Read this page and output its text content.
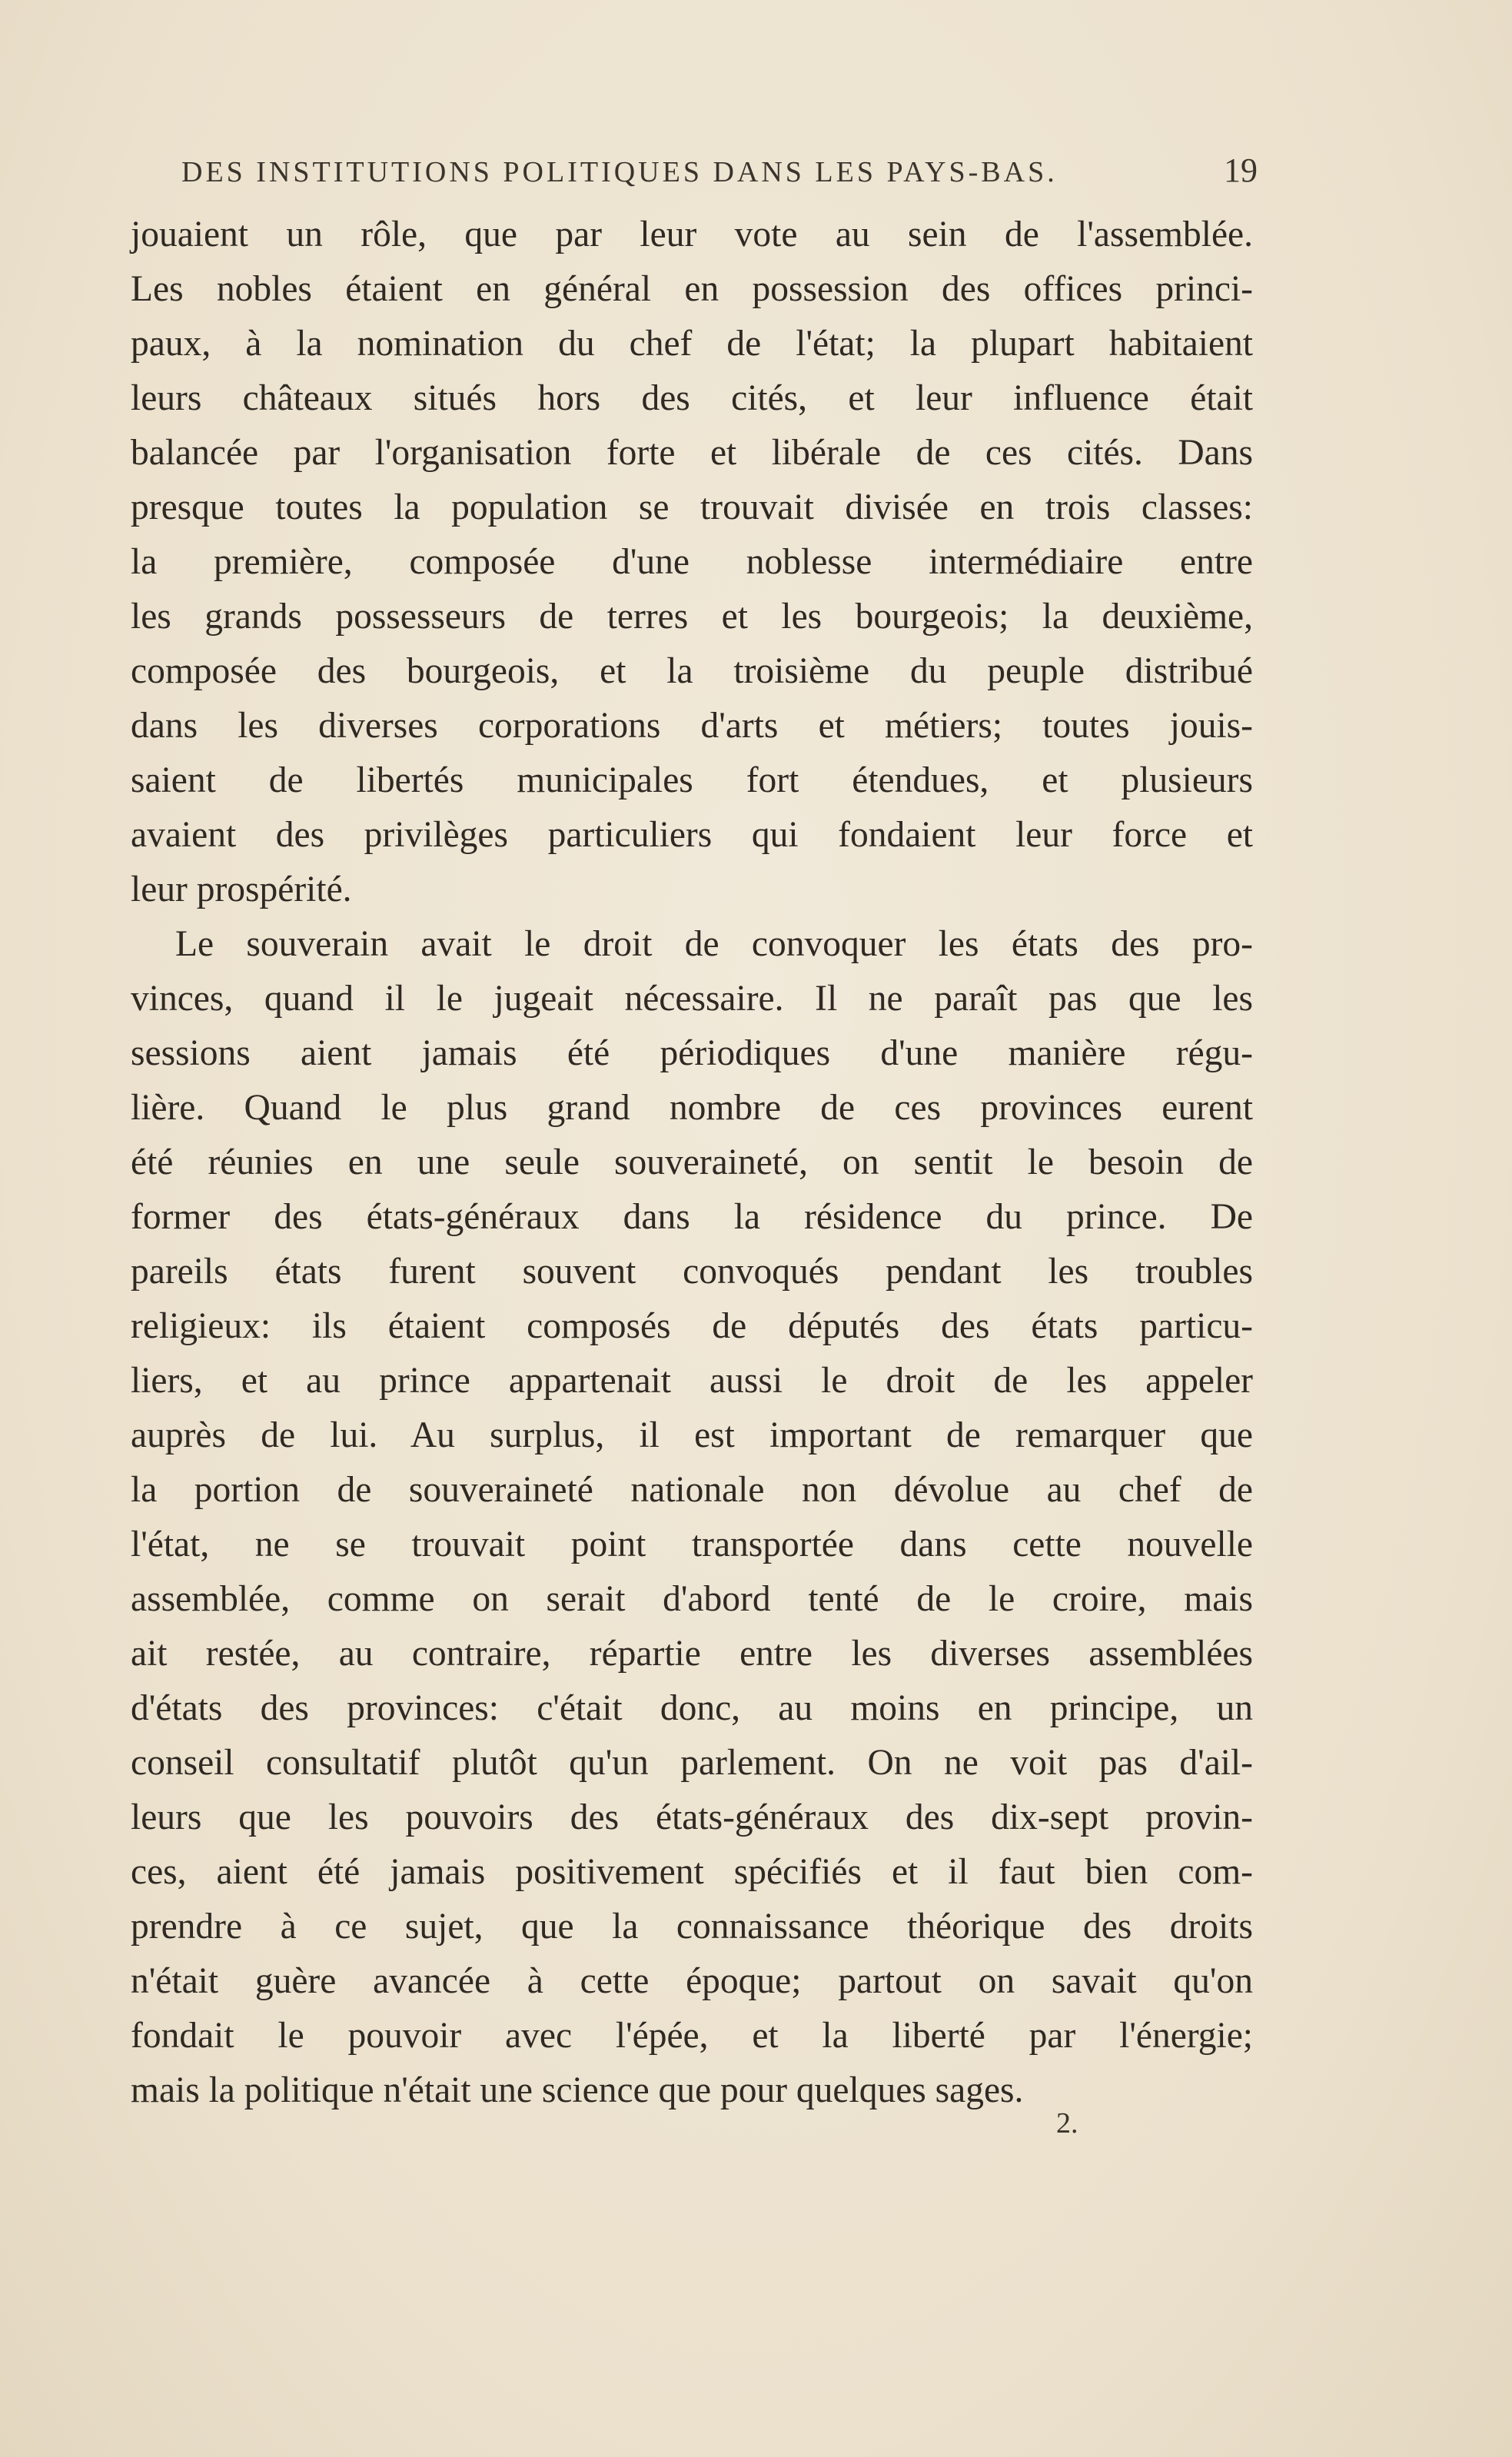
DES INSTITUTIONS POLITIQUES DANS LES PAYS-BAS.	19
jouaient un rôle, que par leur vote au sein de l'assemblée.
Les nobles étaient en général en possession des offices princi-
paux, à la nomination du chef de l'état; la plupart habitaient
leurs châteaux situés hors des cités, et leur influence était
balancée par l'organisation forte et libérale de ces cités. Dans
presque toutes la population se trouvait divisée en trois classes:
la première, composée d'une noblesse intermédiaire entre
les grands possesseurs de terres et les bourgeois; la deuxième,
composée des bourgeois, et la troisième du peuple distribué
dans les diverses corporations d'arts et métiers; toutes jouis-
saient de libertés municipales fort étendues, et plusieurs
avaient des privilèges particuliers qui fondaient leur force et
leur prospérité.
Le souverain avait le droit de convoquer les états des pro-
vinces, quand il le jugeait nécessaire. Il ne paraît pas que les
sessions aient jamais été périodiques d'une manière régu-
lière. Quand le plus grand nombre de ces provinces eurent
été réunies en une seule souveraineté, on sentit le besoin de
former des états-généraux dans la résidence du prince. De
pareils états furent souvent convoqués pendant les troubles
religieux: ils étaient composés de députés des états particu-
liers, et au prince appartenait aussi le droit de les appeler
auprès de lui. Au surplus, il est important de remarquer que
la portion de souveraineté nationale non dévolue au chef de
l'état, ne se trouvait point transportée dans cette nouvelle
assemblée, comme on serait d'abord tenté de le croire, mais
ait restée, au contraire, répartie entre les diverses assemblées
d'états des provinces: c'était donc, au moins en principe, un
conseil consultatif plutôt qu'un parlement. On ne voit pas d'ail-
leurs que les pouvoirs des états-généraux des dix-sept provin-
ces, aient été jamais positivement spécifiés et il faut bien com-
prendre à ce sujet, que la connaissance théorique des droits
n'était guère avancée à cette époque; partout on savait qu'on
fondait le pouvoir avec l'épée, et la liberté par l'énergie;
mais la politique n'était une science que pour quelques sages.
2.
